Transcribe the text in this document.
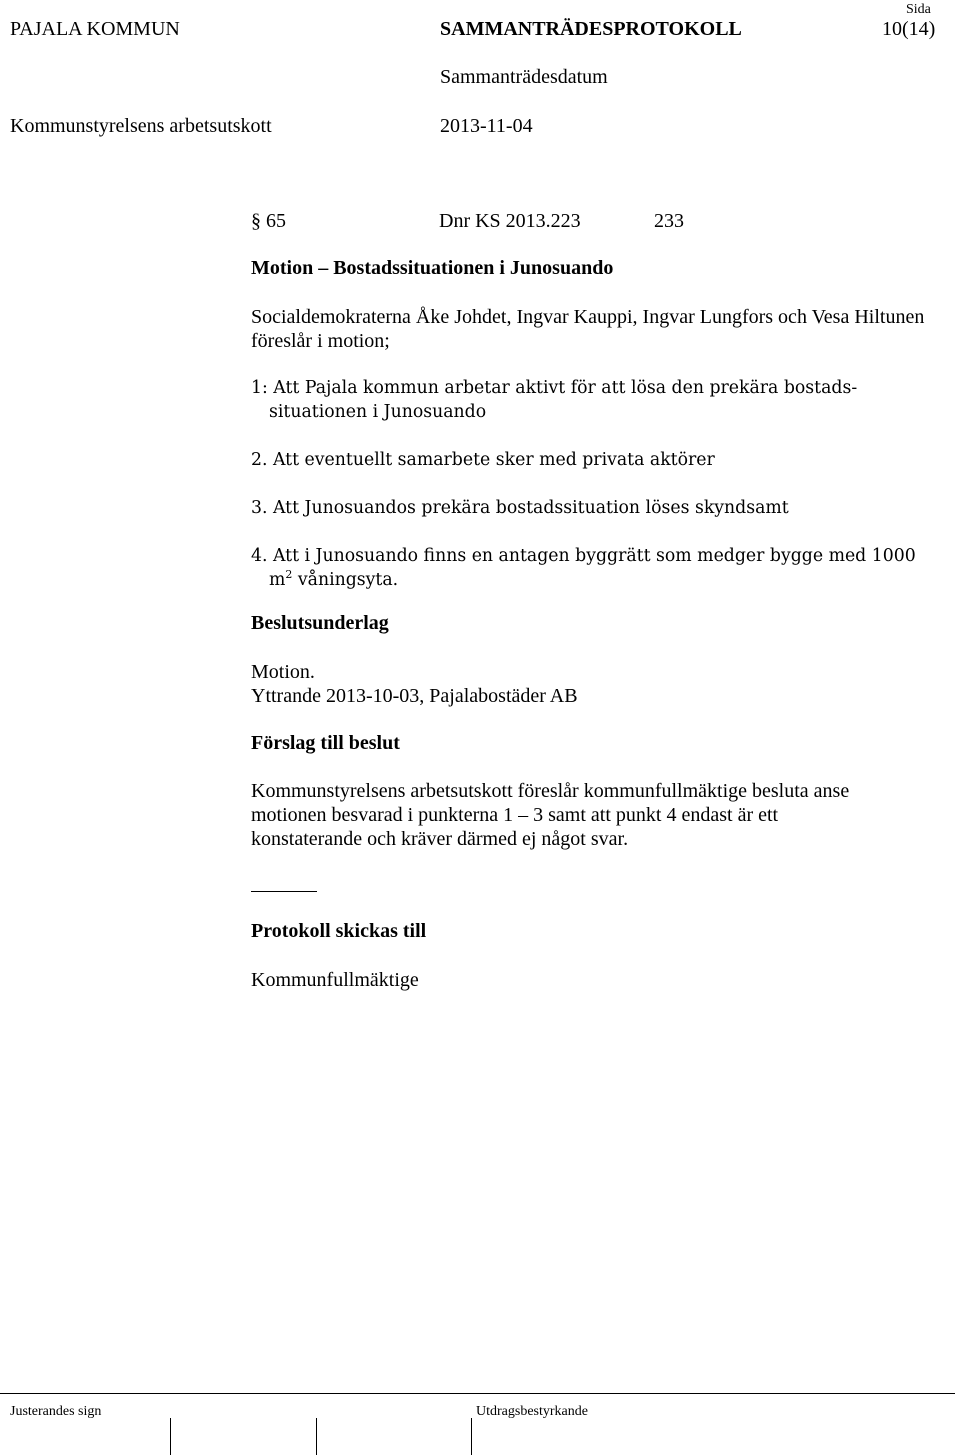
PAJALA KOMMUN	SAMMANTRÄDESPROTOKOLL
Sida
10(14)
Sammanträdesdatum
Kommunstyrelsens arbetsutskott	2013-11-04
§ 65	Dnr KS 2013.223	233
Motion – Bostadssituationen i Junosuando
Socialdemokraterna Åke Johdet, Ingvar Kauppi, Ingvar Lungfors och Vesa Hiltunen föreslår i motion;
1: Att Pajala kommun arbetar aktivt för att lösa den prekära bostads-
situationen i Junosuando
2. Att eventuellt samarbete sker med privata aktörer
3. Att Junosuandos prekära bostadssituation löses skyndsamt
4. Att i Junosuando finns en antagen byggrätt som medger bygge med 1000
$m^2$ våningsyta.
Beslutsunderlag
Motion.
Yttrande 2013-10-03, Pajalabostäder AB
Förslag till beslut
Kommunstyrelsens arbetsutskott föreslår kommunfullmäktige besluta anse
motionen besvarad i punkterna 1 – 3 samt att punkt 4 endast är ett
konstaterande och kräver därmed ej något svar.
Protokoll skickas till
Kommunfullmäktige
Justerandes sign	Utdragsbestyrkande
